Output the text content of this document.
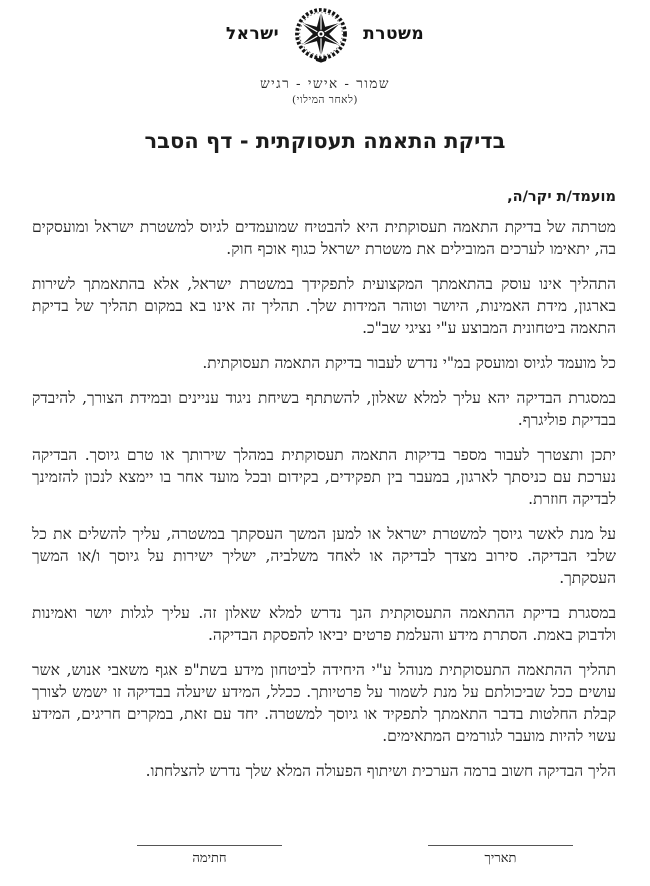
משטרת
ישראל
שמור - אישי - רגיש
(לאחר המילוי)
בדיקת התאמה תעסוקתית - דף הסבר
מועמד/ת יקר/ה,

מטרתה של בדיקת התאמה תעסוקתית היא להבטיח שמועמדים לגיוס למשטרת ישראל ומועסקים בה, יתאימו לערכים המובילים את משטרת ישראל כגוף אוכף חוק.

התהליך אינו עוסק בהתאמתך המקצועית לתפקידך במשטרת ישראל, אלא בהתאמתך לשירות בארגון, מידת האמינות, היושר וטוהר המידות שלך. תהליך זה אינו בא במקום תהליך של בדיקת התאמה ביטחונית המבוצע ע"י נציגי שב"כ.

כל מועמד לגיוס ומועסק במ"י נדרש לעבור בדיקת התאמה תעסוקתית.

במסגרת הבדיקה יהא עליך למלא שאלון, להשתתף בשיחת ניגוד עניינים ובמידת הצורך, להיבדק בבדיקת פוליגרף.

יתכן ותצטרך לעבור מספר בדיקות התאמה תעסוקתית במהלך שירותך או טרם גיוסך. הבדיקה נערכת עם כניסתך לארגון, במעבר בין תפקידים, בקידום ובכל מועד אחר בו יימצא לנכון להזמינך לבדיקה חוזרת.

על מנת לאשר גיוסך למשטרת ישראל או למען המשך העסקתך במשטרה, עליך להשלים את כל שלבי הבדיקה. סירוב מצדך לבדיקה או לאחד משלביה, ישליך ישירות על גיוסך ו/או המשך העסקתך.

במסגרת בדיקת ההתאמה התעסוקתית הנך נדרש למלא שאלון זה. עליך לגלות יושר ואמינות ולדבוק באמת. הסתרת מידע והעלמת פרטים יביאו להפסקת הבדיקה.

תהליך ההתאמה התעסוקתית מנוהל ע"י היחידה לביטחון מידע בשת"פ אגף משאבי אנוש, אשר עושים ככל שביכולתם על מנת לשמור על פרטיותך. ככלל, המידע שיעלה בבדיקה זו ישמש לצורך קבלת החלטות בדבר התאמתך לתפקיד או גיוסך למשטרה. יחד עם זאת, במקרים חריגים, המידע עשוי להיות מועבר לגורמים המתאימים.

הליך הבדיקה חשוב ברמה הערכית ושיתוף הפעולה המלא שלך נדרש להצלחתו.

תאריך
חתימה
